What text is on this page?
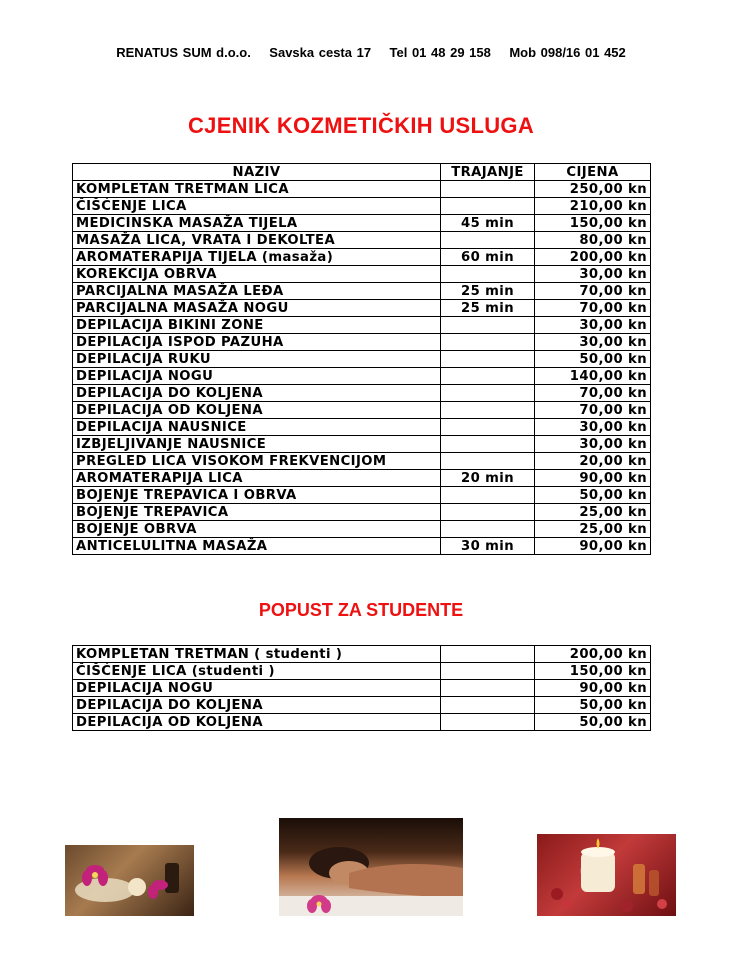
RENATUS SUM d.o.o. Savska cesta 17 Tel 01 48 29 158 Mob 098/16 01 452
CJENIK KOZMETIČKIH USLUGA
NAZIV	TRAJANJE	CIJENA
KOMPLETAN TRETMAN LICA		250,00 kn
ČIŠĆENJE LICA		210,00 kn
MEDICINSKA MASAŽA TIJELA	45 min	150,00 kn
MASAŽA LICA, VRATA I DEKOLTEA		80,00 kn
AROMATERAPIJA TIJELA (masaža)	60 min	200,00 kn
KOREKCIJA OBRVA		30,00 kn
PARCIJALNA MASAŽA LEĐA	25 min	70,00 kn
PARCIJALNA MASAŽA NOGU	25 min	70,00 kn
DEPILACIJA BIKINI ZONE		30,00 kn
DEPILACIJA ISPOD PAZUHA		30,00 kn
DEPILACIJA RUKU		50,00 kn
DEPILACIJA NOGU		140,00 kn
DEPILACIJA DO KOLJENA		70,00 kn
DEPILACIJA OD KOLJENA		70,00 kn
DEPILACIJA NAUSNICE		30,00 kn
IZBJELJIVANJE NAUSNICE		30,00 kn
PREGLED LICA VISOKOM FREKVENCIJOM		20,00 kn
AROMATERAPIJA LICA	20 min	90,00 kn
BOJENJE TREPAVICA I OBRVA		50,00 kn
BOJENJE TREPAVICA		25,00 kn
BOJENJE OBRVA		25,00 kn
ANTICELULITNA MASAŽA	30 min	90,00 kn
POPUST ZA STUDENTE
KOMPLETAN TRETMAN ( studenti )		200,00 kn
ČIŠĆENJE LICA (studenti )		150,00 kn
DEPILACIJA NOGU		90,00 kn
DEPILACIJA DO KOLJENA		50,00 kn
DEPILACIJA OD KOLJENA		50,00 kn
